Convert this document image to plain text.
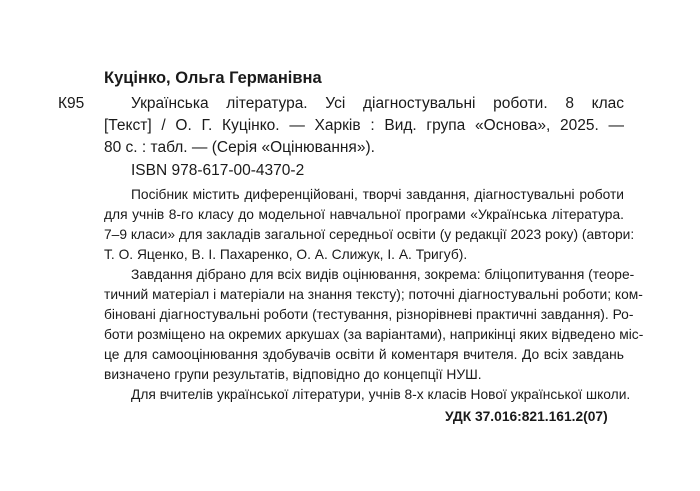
Куцінко, Ольга Германівна
К95	Українська література. Усі діагностувальні роботи. 8 клас
[Текст] / О. Г. Куцінко. — Харків : Вид. група «Основа», 2025. —
80 с. : табл. — (Серія «Оцінювання»).
ISBN 978-617-00-4370-2
Посібник містить диференційовані, творчі завдання, діагностувальні роботи
для учнів 8-го класу до модельної навчальної програми «Українська література.
7–9 класи» для закладів загальної середньої освіти (у редакції 2023 року) (автори:
Т. О. Яценко, В. І. Пахаренко, О. А. Слижук, І. А. Тригуб).
Завдання дібрано для всіх видів оцінювання, зокрема: бліцопитування (теоре-
тичний матеріал і матеріали на знання тексту); поточні діагностувальні роботи; ком-
біновані діагностувальні роботи (тестування, різнорівневі практичні завдання). Ро-
боти розміщено на окремих аркушах (за варіантами), наприкінці яких відведено міс-
це для самооцінювання здобувачів освіти й коментаря вчителя. До всіх завдань
визначено групи результатів, відповідно до концепції НУШ.
Для вчителів української літератури, учнів 8-х класів Нової української школи.
УДК 37.016:821.161.2(07)
